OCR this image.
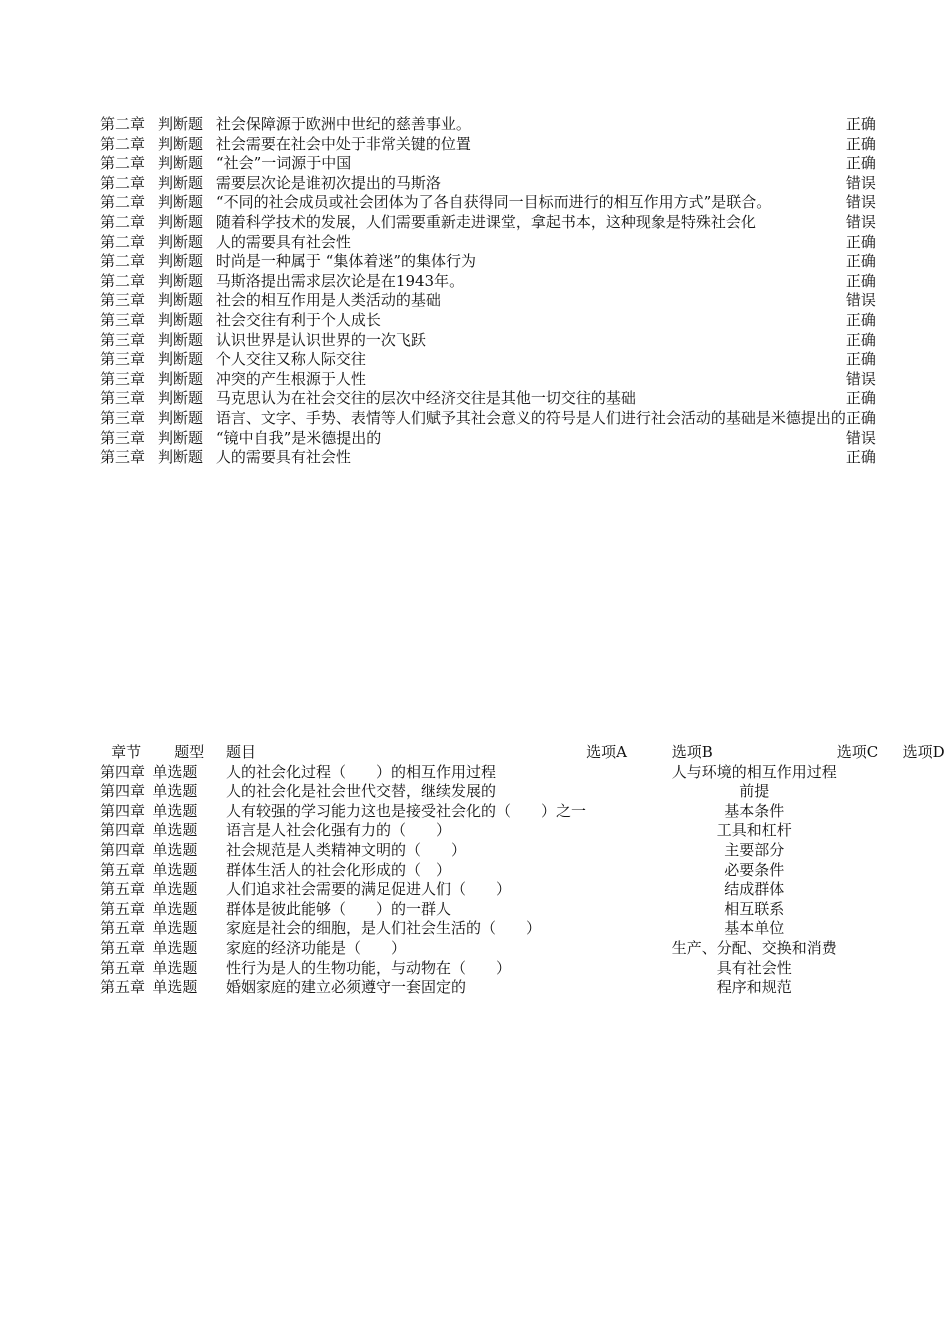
第二章	判断题	社会保障源于欧洲中世纪的慈善事业。	正确
第二章	判断题	社会需要在社会中处于非常关键的位置	正确
第二章	判断题	“社会”一词源于中国	正确
第二章	判断题	需要层次论是谁初次提出的马斯洛	错误
第二章	判断题	“不同的社会成员或社会团体为了各自获得同一目标而进行的相互作用方式”是联合。	错误
第二章	判断题	随着科学技术的发展，人们需要重新走进课堂，拿起书本，这种现象是特殊社会化	错误
第二章	判断题	人的需要具有社会性	正确
第二章	判断题	时尚是一种属于 “集体着迷”的集体行为	正确
第二章	判断题	马斯洛提出需求层次论是在1943年。	正确
第三章	判断题	社会的相互作用是人类活动的基础	错误
第三章	判断题	社会交往有利于个人成长	正确
第三章	判断题	认识世界是认识世界的一次飞跃	正确
第三章	判断题	个人交往又称人际交往	正确
第三章	判断题	冲突的产生根源于人性	错误
第三章	判断题	马克思认为在社会交往的层次中经济交往是其他一切交往的基础	正确
第三章	判断题	语言、文字、手势、表情等人们赋予其社会意义的符号是人们进行社会活动的基础是米德提出的	正确
第三章	判断题	“镜中自我”是米德提出的	错误
第三章	判断题	人的需要具有社会性	正确
章节	题型	题目	选项A	选项B	选项C	选项D
第四章	单选题	人的社会化过程（　　）的相互作用过程		人与环境的相互作用过程		
第四章	单选题	人的社会化是社会世代交替，继续发展的		前提		
第四章	单选题	人有较强的学习能力这也是接受社会化的（　　）之一		基本条件		
第四章	单选题	语言是人社会化强有力的（　　）		工具和杠杆		
第四章	单选题	社会规范是人类精神文明的（　　）		主要部分		
第五章	单选题	群体生活人的社会化形成的（　）		必要条件		
第五章	单选题	人们追求社会需要的满足促进人们（　　）		结成群体		
第五章	单选题	群体是彼此能够（　　）的一群人		相互联系		
第五章	单选题	家庭是社会的细胞，是人们社会生活的（　　）		基本单位		
第五章	单选题	家庭的经济功能是（　　）		生产、分配、交换和消费		
第五章	单选题	性行为是人的生物功能，与动物在（　　）		具有社会性		
第五章	单选题	婚姻家庭的建立必须遵守一套固定的		程序和规范		
